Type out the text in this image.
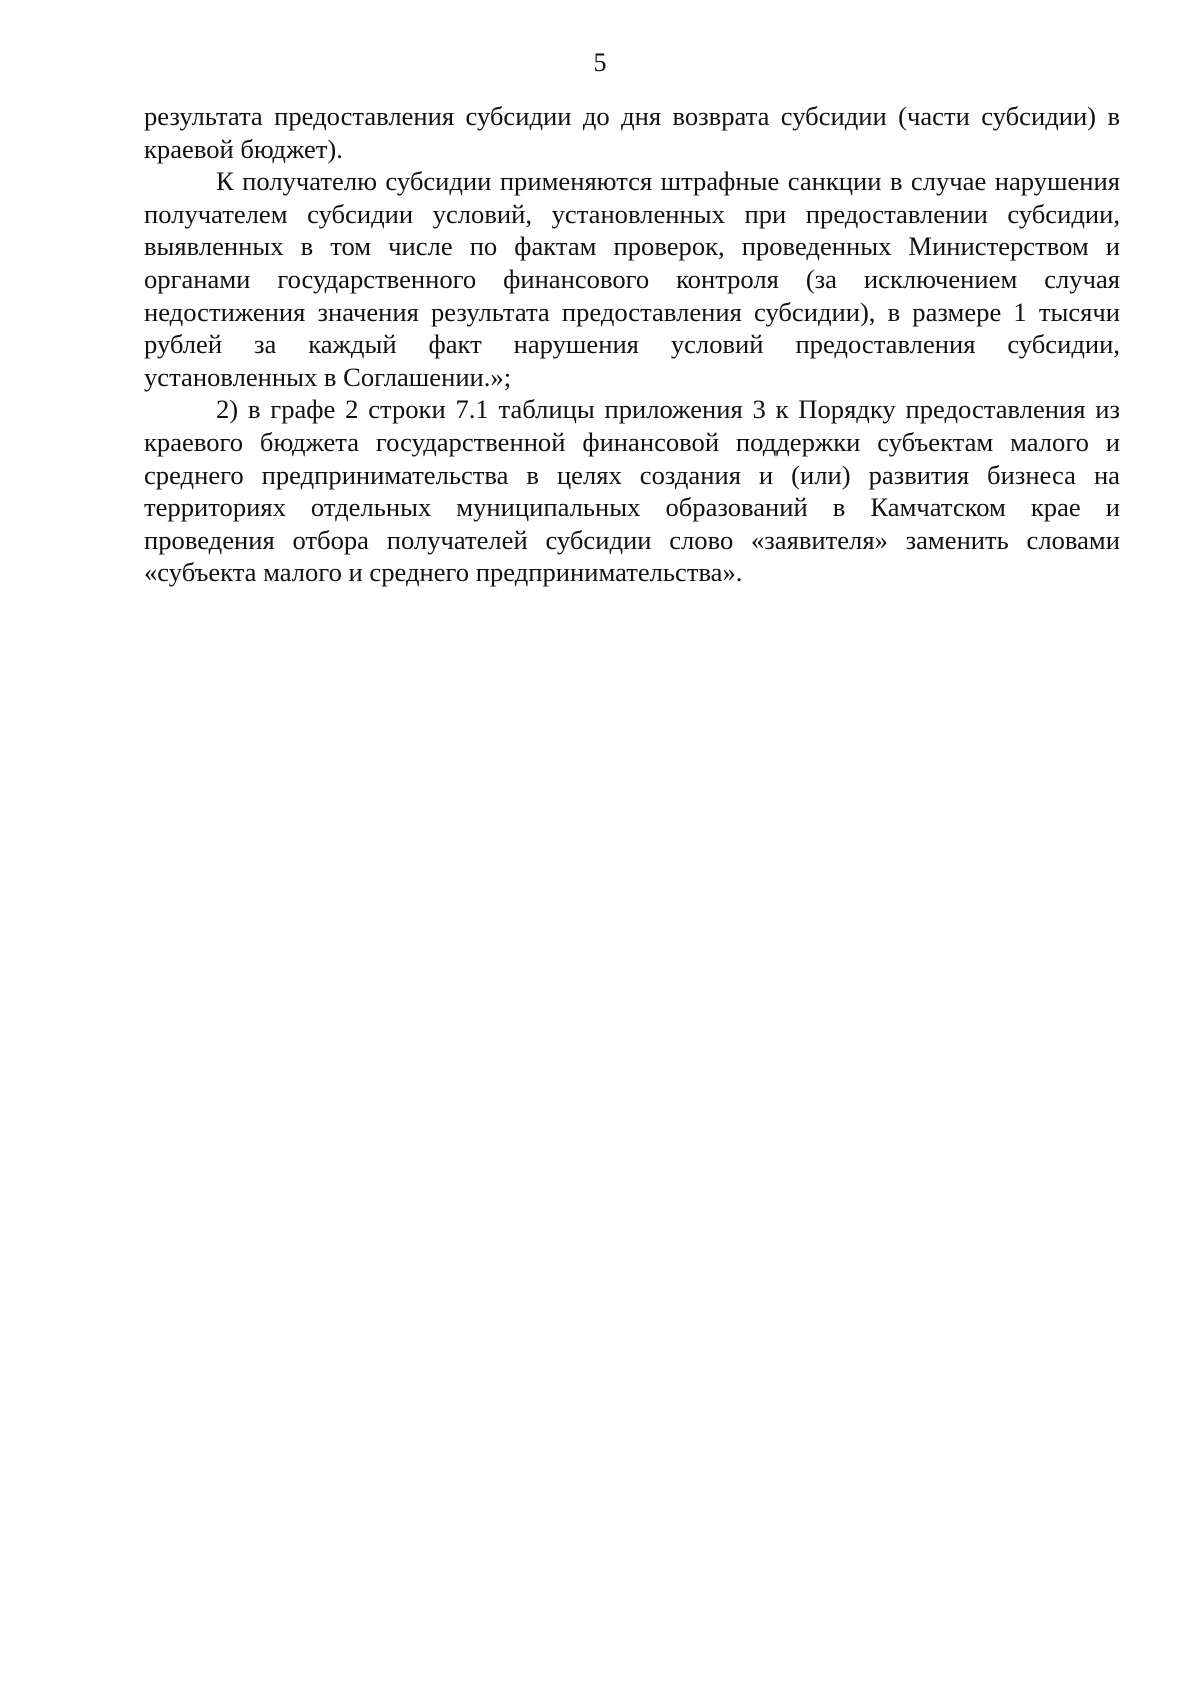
5

результата предоставления субсидии до дня возврата субсидии (части субсидии) в краевой бюджет).

К получателю субсидии применяются штрафные санкции в случае нарушения получателем субсидии условий, установленных при предоставлении субсидии, выявленных в том числе по фактам проверок, проведенных Министерством и органами государственного финансового контроля (за исключением случая недостижения значения результата предоставления субсидии), в размере 1 тысячи рублей за каждый факт нарушения условий предоставления субсидии, установленных в Соглашении.»;

2) в графе 2 строки 7.1 таблицы приложения 3 к Порядку предоставления из краевого бюджета государственной финансовой поддержки субъектам малого и среднего предпринимательства в целях создания и (или) развития бизнеса на территориях отдельных муниципальных образований в Камчатском крае и проведения отбора получателей субсидии слово «заявителя» заменить словами «субъекта малого и среднего предпринимательства».
